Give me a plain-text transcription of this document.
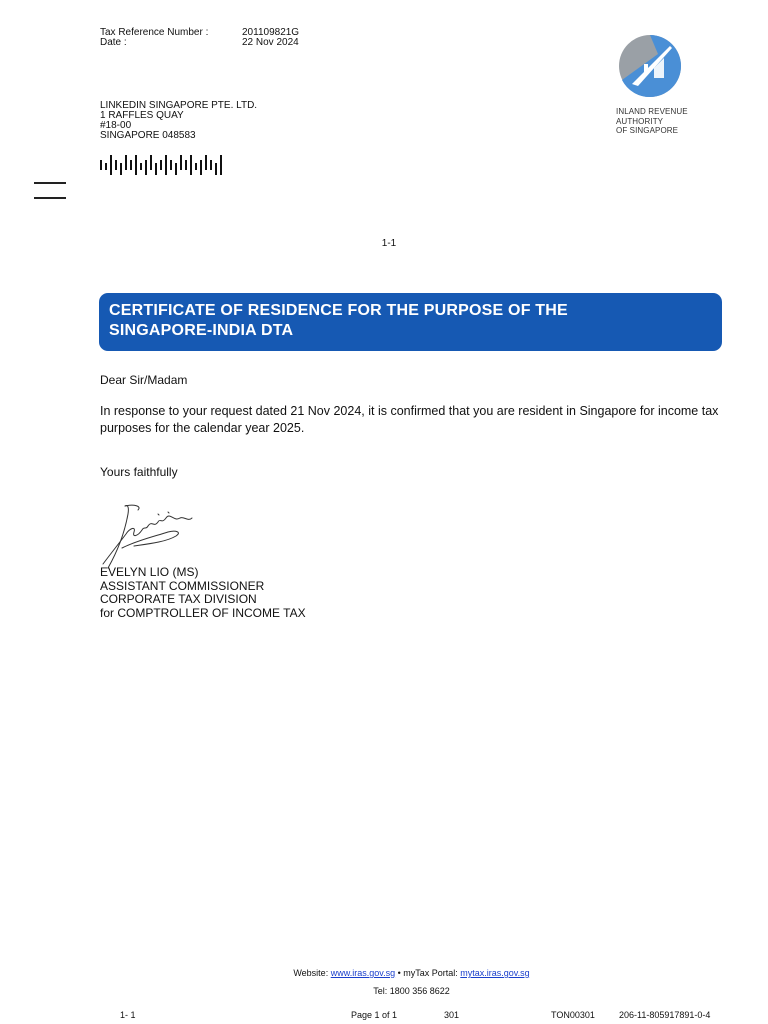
Tax Reference Number :	201109821G
Date :	22 Nov 2024
INLAND REVENUE
AUTHORITY
OF SINGAPORE
LINKEDIN SINGAPORE PTE. LTD.
1 RAFFLES QUAY
#18-00
SINGAPORE 048583
1-1
CERTIFICATE OF RESIDENCE FOR THE PURPOSE OF THE
SINGAPORE-INDIA DTA
Dear Sir/Madam
In response to your request dated 21 Nov 2024, it is confirmed that you are resident in Singapore for income tax purposes for the calendar year 2025.
Yours faithfully
EVELYN LIO (MS)
ASSISTANT COMMISSIONER
CORPORATE TAX DIVISION
for COMPTROLLER OF INCOME TAX
Website: www.iras.gov.sg • myTax Portal: mytax.iras.gov.sg
Tel: 1800 356 8622
1- 1	Page 1 of 1	301	TON00301	206-11-805917891-0-4
